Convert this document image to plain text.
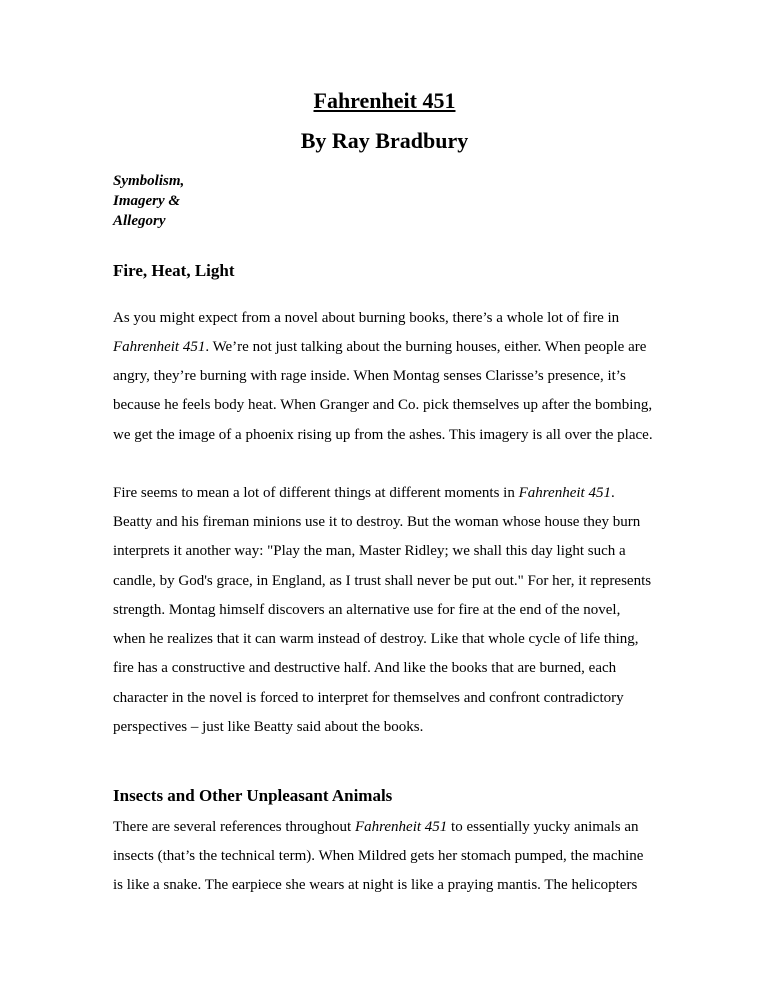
Fahrenheit 451
By Ray Bradbury
Symbolism,
Imagery &
Allegory
Fire, Heat, Light

As you might expect from a novel about burning books, there’s a whole lot of fire in Fahrenheit 451. We’re not just talking about the burning houses, either. When people are angry, they’re burning with rage inside. When Montag senses Clarisse’s presence, it’s because he feels body heat. When Granger and Co. pick themselves up after the bombing, we get the image of a phoenix rising up from the ashes. This imagery is all over the place.

Fire seems to mean a lot of different things at different moments in Fahrenheit 451. Beatty and his fireman minions use it to destroy. But the woman whose house they burn interprets it another way: "Play the man, Master Ridley; we shall this day light such a candle, by God's grace, in England, as I trust shall never be put out." For her, it represents strength. Montag himself discovers an alternative use for fire at the end of the novel, when he realizes that it can warm instead of destroy. Like that whole cycle of life thing, fire has a constructive and destructive half. And like the books that are burned, each character in the novel is forced to interpret for themselves and confront contradictory perspectives – just like Beatty said about the books.

Insects and Other Unpleasant Animals

There are several references throughout Fahrenheit 451 to essentially yucky animals an insects (that’s the technical term). When Mildred gets her stomach pumped, the machine is like a snake. The earpiece she wears at night is like a praying mantis. The helicopters
